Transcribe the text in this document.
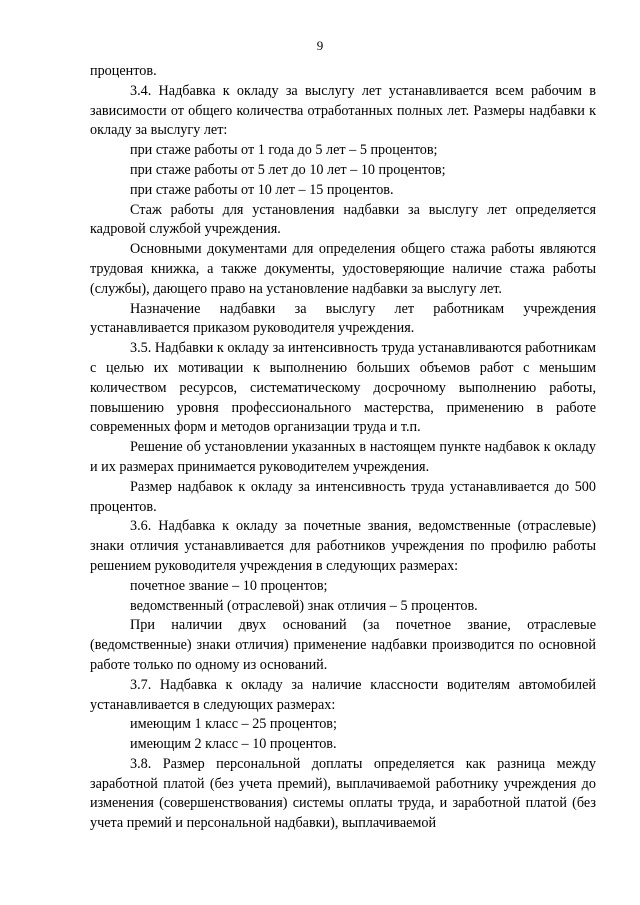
9

процентов.

3.4. Надбавка к окладу за выслугу лет устанавливается всем рабочим в зависимости от общего количества отработанных полных лет. Размеры надбавки к окладу за выслугу лет:

при стаже работы от 1 года до 5 лет – 5 процентов;

при стаже работы от 5 лет до 10 лет – 10 процентов;

при стаже работы от 10 лет – 15 процентов.

Стаж работы для установления надбавки за выслугу лет определяется кадровой службой учреждения.

Основными документами для определения общего стажа работы являются трудовая книжка, а также документы, удостоверяющие наличие стажа работы (службы), дающего право на установление надбавки за выслугу лет.

Назначение надбавки за выслугу лет работникам учреждения устанавливается приказом руководителя учреждения.

3.5. Надбавки к окладу за интенсивность труда устанавливаются работникам с целью их мотивации к выполнению больших объемов работ с меньшим количеством ресурсов, систематическому досрочному выполнению работы, повышению уровня профессионального мастерства, применению в работе современных форм и методов организации труда и т.п.

Решение об установлении указанных в настоящем пункте надбавок к окладу и их размерах принимается руководителем учреждения.

Размер надбавок к окладу за интенсивность труда устанавливается до 500 процентов.

3.6. Надбавка к окладу за почетные звания, ведомственные (отраслевые) знаки отличия устанавливается для работников учреждения по профилю работы решением руководителя учреждения в следующих размерах:

почетное звание – 10 процентов;

ведомственный (отраслевой) знак отличия – 5 процентов.

При наличии двух оснований (за почетное звание, отраслевые (ведомственные) знаки отличия) применение надбавки производится по основной работе только по одному из оснований.

3.7. Надбавка к окладу за наличие классности водителям автомобилей устанавливается в следующих размерах:

имеющим 1 класс – 25 процентов;

имеющим 2 класс – 10 процентов.

3.8. Размер персональной доплаты определяется как разница между заработной платой (без учета премий), выплачиваемой работнику учреждения до изменения (совершенствования) системы оплаты труда, и заработной платой (без учета премий и персональной надбавки), выплачиваемой
